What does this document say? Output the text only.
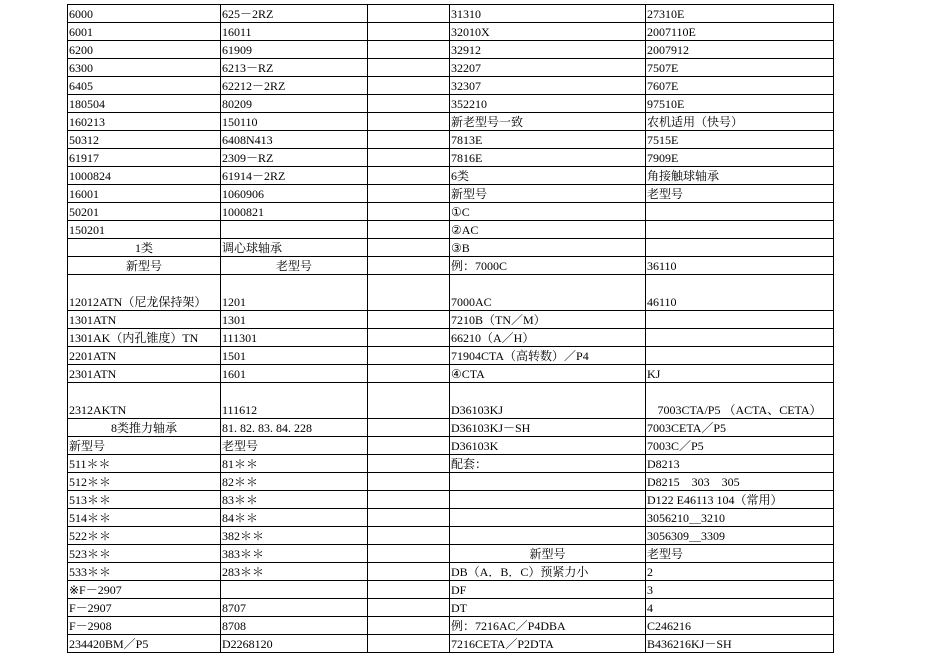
6000	625－2RZ		31310	27310E
6001	16011		32010X	2007110E
6200	61909		32912	2007912
6300	6213－RZ		32207	7507E
6405	62212－2RZ		32307	7607E
180504	80209		352210	97510E
160213	150110		新老型号一致	农机适用（快号）
50312	6408N413		7813E	7515E
61917	2309－RZ		7816E	7909E
1000824	61914－2RZ		6类	角接触球轴承
16001	1060906		新型号	老型号
50201	1000821		①C	
150201			②AC	
1类	调心球轴承		③B	
新型号	老型号		例：7000C	36110
12012ATN（尼龙保持架）	1201		7000AC	46110
1301ATN	1301		7210B（TN／M）	
1301AK（内孔锥度）TN	111301		66210（A／H）	
2201ATN	1501		71904CTA（高转数）／P4	
2301ATN	1601		④CTA	KJ
2312AKTN	111612		D36103KJ	7003CTA/P5 （ACTA、CETA）
8类推力轴承	81. 82. 83. 84. 228		D36103KJ－SH	7003CETA／P5
新型号	老型号		D36103K	7003C／P5
511＊＊	81＊＊		配套：	D8213
512＊＊	82＊＊			D8215　303　305
513＊＊	83＊＊			D122 E46113 104（常用）
514＊＊	84＊＊			3056210＿3210
522＊＊	382＊＊			3056309＿3309
523＊＊	383＊＊		新型号	老型号
533＊＊	283＊＊		DB（A．B．C）预紧力小	2
※F－2907			DF	3
F－2907	8707		DT	4
F－2908	8708		例：7216AC／P4DBA	C246216
234420BM／P5	D2268120		7216CETA／P2DTA	B436216KJ－SH
